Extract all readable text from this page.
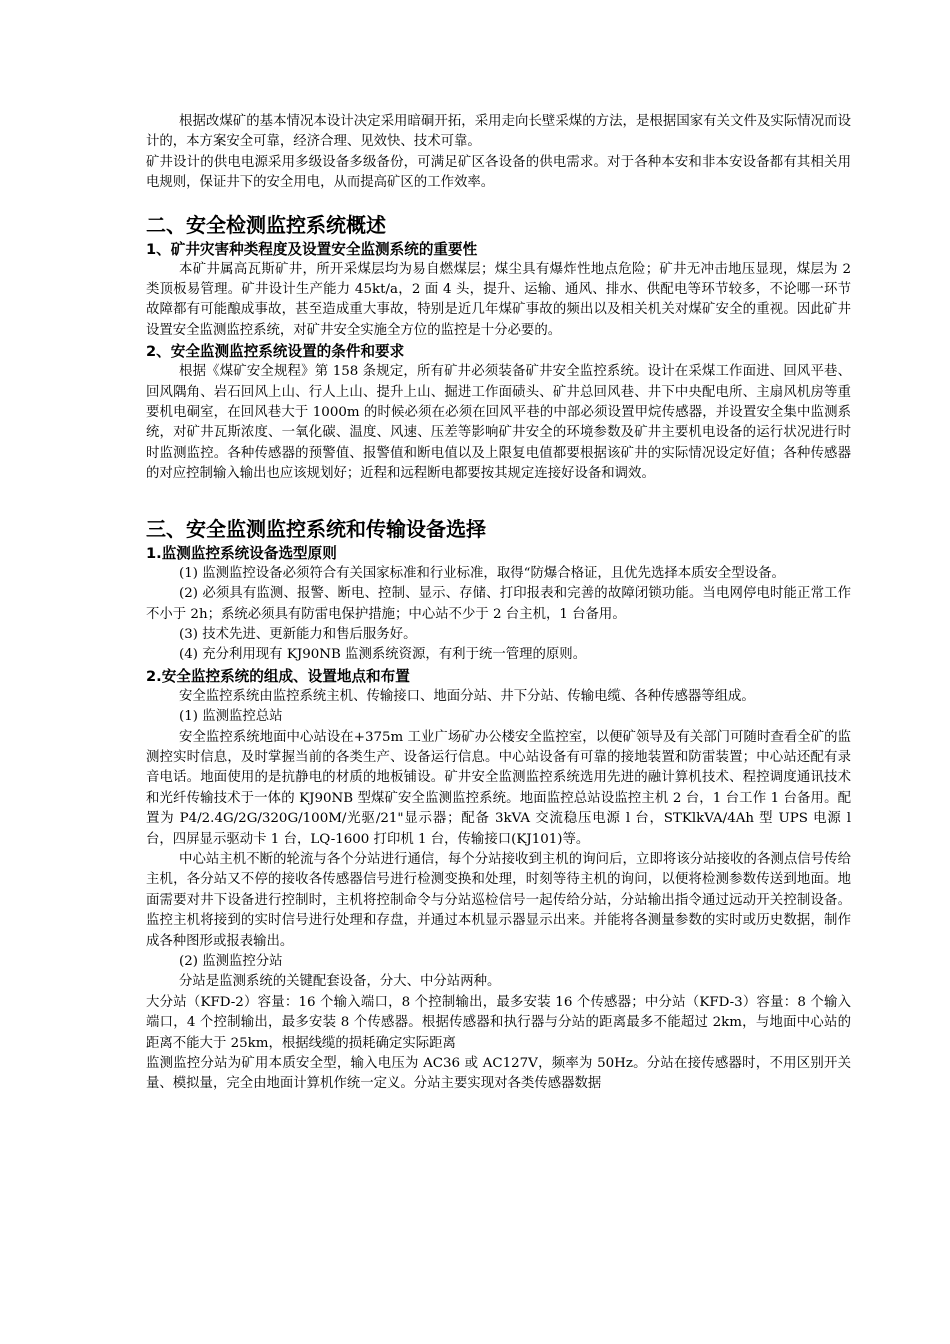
根据改煤矿的基本情况本设计决定采用暗硐开拓，采用走向长壁采煤的方法，是根据国家有关文件及实际情况而设计的，本方案安全可靠，经济合理、见效快、技术可靠。

矿井设计的供电电源采用多级设备多级备份，可满足矿区各设备的供电需求。对于各种本安和非本安设备都有其相关用电规则，保证井下的安全用电，从而提高矿区的工作效率。

二、安全检测监控系统概述
1、矿井灾害种类程度及设置安全监测系统的重要性

本矿井属高瓦斯矿井，所开采煤层均为易自燃煤层；煤尘具有爆炸性地点危险；矿井无冲击地压显现，煤层为 2 类顶板易管理。矿井设计生产能力 45kt/a，2 面 4 头，提升、运输、通风、排水、供配电等环节较多，不论哪一环节故障都有可能酿成事故，甚至造成重大事故，特别是近几年煤矿事故的频出以及相关机关对煤矿安全的重视。因此矿井设置安全监测监控系统，对矿井安全实施全方位的监控是十分必要的。

2、安全监测监控系统设置的条件和要求

根据《煤矿安全规程》第 158 条规定，所有矿井必须装备矿井安全监控系统。设计在采煤工作面进、回风平巷、回风隅角、岩石回风上山、行人上山、提升上山、掘进工作面碛头、矿井总回风巷、井下中央配电所、主扇风机房等重要机电硐室，在回风巷大于 1000m 的时候必须在必须在回风平巷的中部必须设置甲烷传感器，并设置安全集中监测系统，对矿井瓦斯浓度、一氧化碳、温度、风速、压差等影响矿井安全的环境参数及矿井主要机电设备的运行状况进行时时监测监控。各种传感器的预警值、报警值和断电值以及上限复电值都要根据该矿井的实际情况设定好值；各种传感器的对应控制输入输出也应该规划好；近程和远程断电都要按其规定连接好设备和调效。

三、安全监测监控系统和传输设备选择
1.监测监控系统设备选型原则

(1) 监测监控设备必须符合有关国家标准和行业标准，取得“防爆合格证，且优先选择本质安全型设备。

(2) 必须具有监测、报警、断电、控制、显示、存储、打印报表和完善的故障闭锁功能。当电网停电时能正常工作不小于 2h；系统必须具有防雷电保护措施；中心站不少于 2 台主机，1 台备用。

(3) 技术先进、更新能力和售后服务好。

(4) 充分利用现有 KJ90NB 监测系统资源，有利于统一管理的原则。

2.安全监控系统的组成、设置地点和布置

安全监控系统由监控系统主机、传输接口、地面分站、井下分站、传输电缆、各种传感器等组成。

(1) 监测监控总站

安全监控系统地面中心站设在+375m 工业广场矿办公楼安全监控室，以便矿领导及有关部门可随时查看全矿的监测控实时信息，及时掌握当前的各类生产、设备运行信息。中心站设备有可靠的接地装置和防雷装置；中心站还配有录音电话。地面使用的是抗静电的材质的地板铺设。矿井安全监测监控系统选用先进的融计算机技术、程控调度通讯技术和光纤传输技术于一体的 KJ90NB 型煤矿安全监测监控系统。地面监控总站设监控主机 2 台，1 台工作 1 台备用。配置为 P4/2.4G/2G/320G/100M/光驱/21"显示器；配备 3kVA 交流稳压电源 l 台，STKlkVA/4Ah 型 UPS 电源 l 台，四屏显示驱动卡 1 台，LQ-1600 打印机 1 台，传输接口(KJ101)等。

中心站主机不断的轮流与各个分站进行通信，每个分站接收到主机的询问后，立即将该分站接收的各测点信号传给主机，各分站又不停的接收各传感器信号进行检测变换和处理，时刻等待主机的询问，以便将检测参数传送到地面。地面需要对井下设备进行控制时，主机将控制命令与分站巡检信号一起传给分站，分站输出指令通过远动开关控制设备。监控主机将接到的实时信号进行处理和存盘，并通过本机显示器显示出来。并能将各测量参数的实时或历史数据，制作成各种图形或报表输出。

(2) 监测监控分站

分站是监测系统的关键配套设备，分大、中分站两种。

大分站（KFD-2）容量：16 个输入端口，8 个控制输出，最多安装 16 个传感器；中分站（KFD-3）容量：8 个输入端口，4 个控制输出，最多安装 8 个传感器。根据传感器和执行器与分站的距离最多不能超过 2km，与地面中心站的距离不能大于 25km，根据线缆的损耗确定实际距离

监测监控分站为矿用本质安全型，输入电压为 AC36 或 AC127V，频率为 50Hz。分站在接传感器时，不用区别开关量、模拟量，完全由地面计算机作统一定义。分站主要实现对各类传感器数据
